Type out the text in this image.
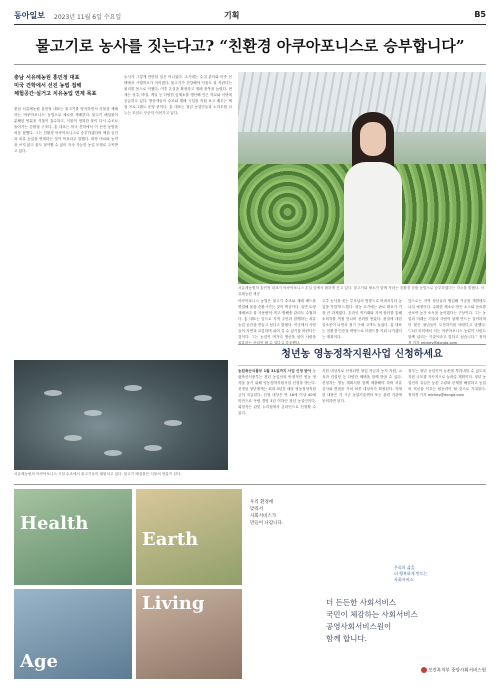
동아일보 2023년 11월 6일 수요일	기획	B5
물고기로 농사를 짓는다고? “친환경 아쿠아포니스로 승부합니다”
충남 서유례농원 홍민정 대표
미국 견학에서 선진 농법 접해
체험공간·실거고 치유농업 연계 목표
충남 서유례농원 홍민정 대표는 물고기를 양식하면서 식물을 재배하는 '아쿠아포니스' 농법으로 채소를 재배한다. 물고기 배설물이 분해된 양분을 식물이 흡수하고, 식물이 정화한 물이 다시 수조로 돌아가는 순환형 구조다. 홍 대표는 미국 견학에서 이 선진 농법을 처음 접했다. 그는 친환경 아쿠아포니스로 승부하겠다며 체험 공간과 치유 농업을 연계하는 것이 목표라고 말했다. 화학 비료와 농약을 쓰지 않고 물도 절약할 수 있어 지속 가능한 농업 모델로 주목받고 있다.
농사가 그렇게 만만한 일은 아니었다. 초기에는 수질 관리와 어종 선택에서 시행착오가 이어졌다. 물고기가 건강해야 식물도 잘 자란다는 원리를 몸으로 익혔다. 이후 온실을 확장하고 재배 품목을 늘렸다. 현재는 상추, 바질, 케일 등 다양한 잎채소를 생산해 인근 학교와 식당에 공급하고 있다. 방문객들이 수조와 재배 시설을 직접 보고 배우는 체험 프로그램도 운영 중이다. 홍 대표는 청년 농업인들과 노하우를 나누는 모임도 꾸준히 이어가고 있다.
서유례농원의 홍민정 대표가 아쿠아포니스 온실 앞에서 환하게 웃고 있다. 물고기와 채소가 함께 자라는 친환경 순환 농법으로 승부하겠다는 각오를 밝혔다. 서유례농원 제공
아쿠아포니스 농법은 물고기 수조와 재배 베드를 연결해 물을 순환시키는 것이 핵심이다. 일반 토양 재배보다 물 사용량이 적고 병해충 관리도 수월하다. 홍 대표는 앞으로 지역 주민과 함께하는 치유 농업 공간을 만들고 싶다고 밝혔다. 이곳에서 사람들이 자연과 교감하며 쉬어 갈 수 있기를 바란다는 것이다. 그는 농업이 먹거리 생산을 넘어 사람을 치유하는 산업이 될 수 있다고 강조했다.
고추 농사를 짓는 부모님의 영향으로 어려서부터 농업을 가깝게 느꼈다. 귀농 초기에는 판로 확보가 가장 큰 과제였다. 온라인 직거래와 지역 장터를 통해 소비자를 직접 만나며 신뢰를 쌓았다. 품질에 대한 입소문이 나면서 정기 구매 고객도 늘었다. 홍 대표는 친환경 인증을 바탕으로 브랜드를 키워 나가겠다는 계획이다.
앞으로는 지역 청년들과 협업해 가공품 개발에도 나설 예정이다. 수확한 채소로 만든 소스와 음료를 선보여 농가 소득을 높이겠다는 구상이다. 그는 농업의 미래는 기술과 사람이 함께 만드는 것이라며 더 많은 청년들이 도전하기를 바란다고 말했다. “그런 의미에서 저는 아쿠아포니스 농업이 사람도 함께 살리는 기술이라고 말하고 싶습니다.” 정미경 기자 mickey@donga.com
서유례농원의 아쿠아포니스 시설 수조에서 물고기들이 헤엄치고 있다. 물고기 배설물은 식물의 양분이 된다.
청년농 영농정착지원사업 신청하세요
농림축산식품부 1월 31일까지 사업 신청 받아 농림축산식품부는 청년 농업인의 안정적인 영농 정착을 돕기 위해 영농정착지원사업 신청을 받는다. 선정된 청년에게는 최대 3년간 매달 영농정착지원금이 지급된다. 신청 대상은 만 18세 이상 40세 미만으로 독립 경영 3년 이하인 청년 농업인이다. 희망자는 관련 누리집에서 온라인으로 신청할 수 있다.
지원 대상자로 선정되면 창업 자금과 농지 지원, 교육과 컨설팅 등 다양한 혜택을 함께 받을 수 있다. 신청자는 영농 계획서를 함께 제출해야 하며 서류 심사와 면접을 거쳐 최종 대상자가 확정된다. 자세한 내용은 각 시군 농업기술센터 또는 관련 기관에 문의하면 된다.
정부는 청년 농업인이 농촌에 뿌리내릴 수 있도록 지원 규모를 지속적으로 늘려갈 계획이다. 청년 농업인의 유입은 농촌 고령화 문제를 해결하고 농업의 혁신을 이끄는 원동력이 될 것으로 기대된다. 정미경 기자 mickey@donga.com
Health
Earth
Age
Living
우리 환경에
맞춰서
사회서비스가
만들어 나갑니다.
우리의 삶을
더 행복하게 만드는
사회서비스
더 든든한 사회서비스
국민이 체감하는 사회서비스
공영사회서비스원이
함께 합니다.
보건복지부 중앙사회서비스원
